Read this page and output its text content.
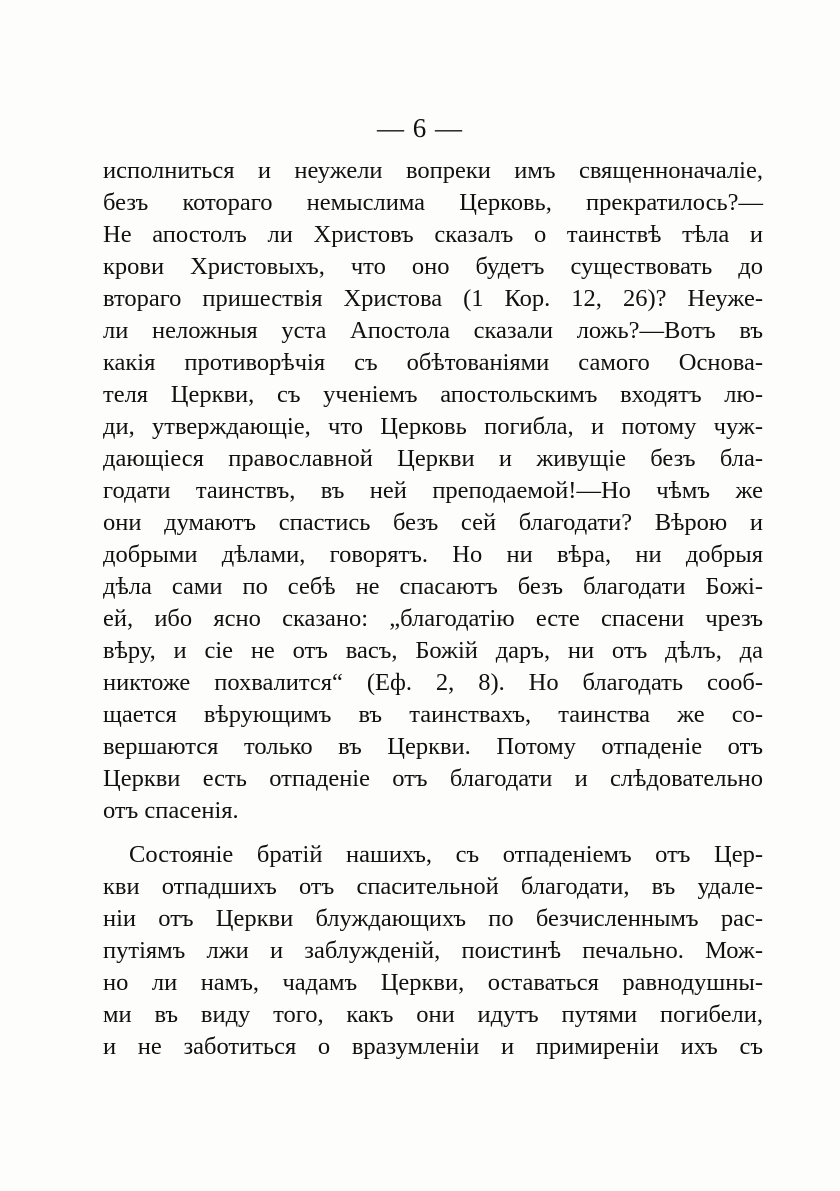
— 6 —
исполниться и неужели вопреки имъ священноначаліе,
безъ котораго немыслима Церковь, прекратилось?—
Не апостолъ ли Христовъ сказалъ о таинствѣ тѣла и
крови Христовыхъ, что оно будетъ существовать до
втораго пришествія Христова (1 Кор. 12, 26)? Неуже-
ли неложныя уста Апостола сказали ложь?—Вотъ въ
какія противорѣчія съ обѣтованіями самого Основа-
теля Церкви, съ ученіемъ апостольскимъ входятъ лю-
ди, утверждающіе, что Церковь погибла, и потому чуж-
дающіеся православной Церкви и живущіе безъ бла-
годати таинствъ, въ ней преподаемой!—Но чѣмъ же
они думаютъ спастись безъ сей благодати? Вѣрою и
добрыми дѣлами, говорятъ. Но ни вѣра, ни добрыя
дѣла сами по себѣ не спасаютъ безъ благодати Божі-
ей, ибо ясно сказано: „благодатію есте спасени чрезъ
вѣру, и сіе не отъ васъ, Божій даръ, ни отъ дѣлъ, да
никтоже похвалится“ (Еф. 2, 8). Но благодать сооб-
щается вѣрующимъ въ таинствахъ, таинства же со-
вершаются только въ Церкви. Потому отпаденіе отъ
Церкви есть отпаденіе отъ благодати и слѣдовательно
отъ спасенія.
Состояніе братій нашихъ, съ отпаденіемъ отъ Цер-
кви отпадшихъ отъ спасительной благодати, въ удале-
ніи отъ Церкви блуждающихъ по безчисленнымъ рас-
путіямъ лжи и заблужденій, поистинѣ печально. Мож-
но ли намъ, чадамъ Церкви, оставаться равнодушны-
ми въ виду того, какъ они идутъ путями погибели,
и не заботиться о вразумленіи и примиреніи ихъ съ
